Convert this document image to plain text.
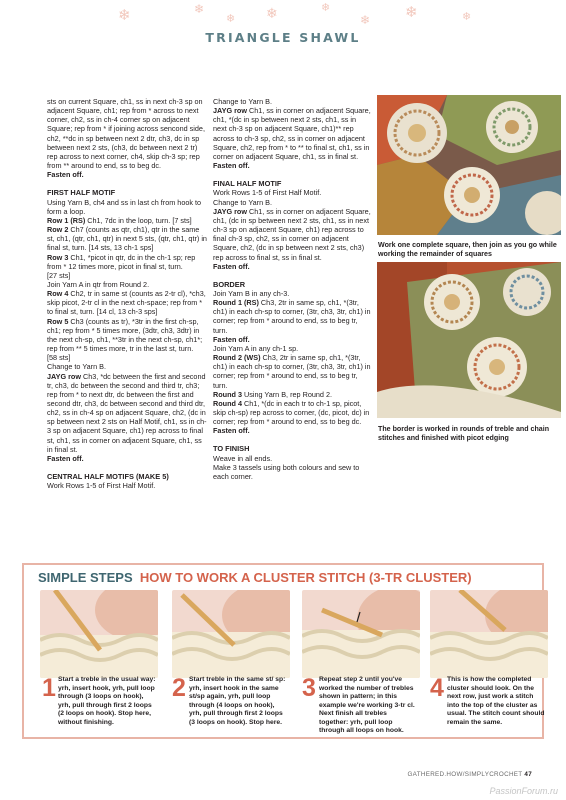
❄	❄
❄ ❄	❄
❄ ❄	❄
TRIANGLE SHAWL

sts on current Square, ch1, ss in next ch-3 sp on adjacent Square, ch1; rep from * across to next corner, ch2, ss in ch-4 corner sp on adjacent Square; rep from * if joining across sencond side, ch2, **dc in sp between next 2 dtr, ch3, dc in sp between next 2 sts, (ch3, dc between next 2 tr) rep across to next corner, ch4, skip ch-3 sp; rep from ** around to end, ss to beg dc.

Fasten off.

FIRST HALF MOTIF

Using Yarn B, ch4 and ss in last ch from hook to form a loop.

Row 1 (RS) Ch1, 7dc in the loop, turn. [7 sts]

Row 2 Ch7 (counts as qtr, ch1), qtr in the same st, ch1, (qtr, ch1, qtr) in next 5 sts, (qtr, ch1, qtr) in final st, turn. [14 sts, 13 ch-1 sps]

Row 3 Ch1, *picot in qtr, dc in the ch-1 sp; rep from * 12 times more, picot in final st, turn.

[27 sts]

Join Yarn A in qtr from Round 2.

Row 4 Ch2, tr in same st (counts as 2-tr cl), *ch3, skip picot, 2-tr cl in the next ch-space; rep from * to final st, turn. [14 cl, 13 ch-3 sps]

Row 5 Ch3 (counts as tr), *3tr in the first ch-sp, ch1; rep from * 5 times more, (3dtr, ch3, 3dtr) in the next ch-sp, ch1, **3tr in the next ch-sp, ch1*; rep from ** 5 times more, tr in the last st, turn.

[58 sts]

Change to Yarn B.

JAYG row Ch3, *dc between the first and second tr, ch3, dc between the second and third tr, ch3; rep from * to next dtr, dc between the first and second dtr, ch3, dc between second and third dtr, ch2, ss in ch-4 sp on adjacent Square, ch2, (dc in sp between next 2 sts on Half Motif, ch1, ss in ch-3 sp on adjacent Square, ch1) rep across to final st, ch1, ss in corner on adjacent Square, ch1, ss in final st.

Fasten off.

CENTRAL HALF MOTIFS (MAKE 5)

Work Rows 1-5 of First Half Motif.

Change to Yarn B.

JAYG row Ch1, ss in corner on adjacent Square, ch1, *(dc in sp between next 2 sts, ch1, ss in next ch-3 sp on adjacent Square, ch1)** rep across to ch-3 sp, ch2, ss in corner on adjacent Square, ch2, rep from * to ** to final st, ch1, ss in corner on adjacent Square, ch1, ss in final st.

Fasten off.

FINAL HALF MOTIF

Work Rows 1-5 of First Half Motif.

Change to Yarn B.

JAYG row Ch1, ss in corner on adjacent Square, ch1, (dc in sp between next 2 sts, ch1, ss in next ch-3 sp on adjacent Square, ch1) rep across to final ch-3 sp, ch2, ss in corner on adjacent Square, ch2, (dc in sp between next 2 sts, ch3) rep across to final st, ss in final st.

Fasten off.

BORDER

Join Yarn B in any ch-3.

Round 1 (RS) Ch3, 2tr in same sp, ch1, *(3tr, ch1) in each ch-sp to corner, (3tr, ch3, 3tr, ch1) in corner; rep from * around to end, ss to beg tr, turn.

Fasten off.

Join Yarn A in any ch-1 sp.

Round 2 (WS) Ch3, 2tr in same sp, ch1, *(3tr, ch1) in each ch-sp to corner, (3tr, ch3, 3tr, ch1) in corner; rep from * around to end, ss to beg tr, turn.

Round 3 Using Yarn B, rep Round 2.

Round 4 Ch1, *(dc in each tr to ch-1 sp, picot, skip ch-sp) rep across to corner, (dc, picot, dc) in corner; rep from * around to end, ss to beg dc.

Fasten off.

TO FINISH

Weave in all ends.

Make 3 tassels using both colours and sew to each corner.

Work one complete square, then join as you go while working the remainder of squares
The border is worked in rounds of treble and chain stitches and finished with picot edging
SIMPLE STEPS HOW TO WORK A CLUSTER STITCH (3-TR CLUSTER)
1 Start a treble in the usual way: yrh, insert hook, yrh, pull loop through (3 loops on hook), yrh, pull through first 2 loops (2 loops on hook). Stop here, without finishing.
2 Start treble in the same st/ sp: yrh, insert hook in the same st/sp again, yrh, pull loop through (4 loops on hook), yrh, pull through first 2 loops (3 loops on hook). Stop here.
3 Repeat step 2 until you've worked the number of trebles shown in pattern; in this example we're working 3-tr cl. Next finish all trebles together: yrh, pull loop through all loops on hook.
4 This is how the completed cluster should look. On the next row, just work a stitch into the top of the cluster as usual. The stitch count should remain the same.
GATHERED.HOW/SIMPLYCROCHET 47
PassionForum.ru
